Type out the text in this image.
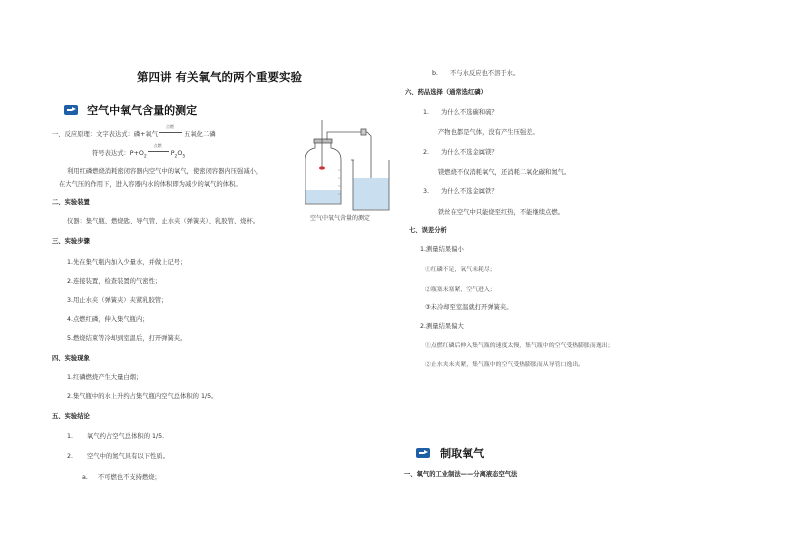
第四讲 有关氧气的两个重要实验
空气中氧气含量的测定
一、反应原理：文字表达式：磷+氧气
点燃
五氧化二磷
符号表达式：$P+O_2$
点燃
$P_2O_5$
利用红磷燃烧消耗密闭容器内空气中的氧气，使密闭容器内压强减小，
在大气压的作用下，进入容器内水的体积即为减少的氧气的体积。
二、实验装置
仪器：集气瓶、燃烧匙、导气管、止水夹（弹簧夹）、乳胶管、烧杯。	空气中氧气含量的测定
三、实验步骤
1.先在集气瓶内加入少量水，并做上记号；
2.连接装置，检查装置的气密性；
3.用止水夹（弹簧夹）夹紧乳胶管；
4.点燃红磷，伸入集气瓶内；
5.燃烧结束等冷却到室温后，打开弹簧夹。
四、实验现象
1.红磷燃烧产生大量白烟；
2.集气瓶中的水上升约占集气瓶内空气总体积的 1/5。
五、实验结论
1. 氧气约占空气总体积的 1/5.
2. 空气中的氮气具有以下性质。
a. 不可燃也不支持燃烧；
b. 不与水反应也不溶于水。
六、药品选择（通常选红磷）
1. 为什么不选碳和硫？
产物也都是气体，没有产生压强差。
2. 为什么不选金属镁？
镁燃烧不仅消耗氧气，还消耗二氧化碳和氮气。
3. 为什么不选金属铁？
铁丝在空气中只能烧至红热，不能继续点燃。
七、误差分析
1.测量结果偏小
①红磷不足，氧气未耗尽；
②瓶塞未塞紧，空气进入；
③未冷却至室温就打开弹簧夹。
2.测量结果偏大
①点燃红磷后伸入集气瓶的速度太慢，集气瓶中的空气受热膨胀而逸出；
②止水夹未夹紧，集气瓶中的空气受热膨胀而从导管口逸出。
制取氧气
一、氧气的工业制法——分离液态空气法
